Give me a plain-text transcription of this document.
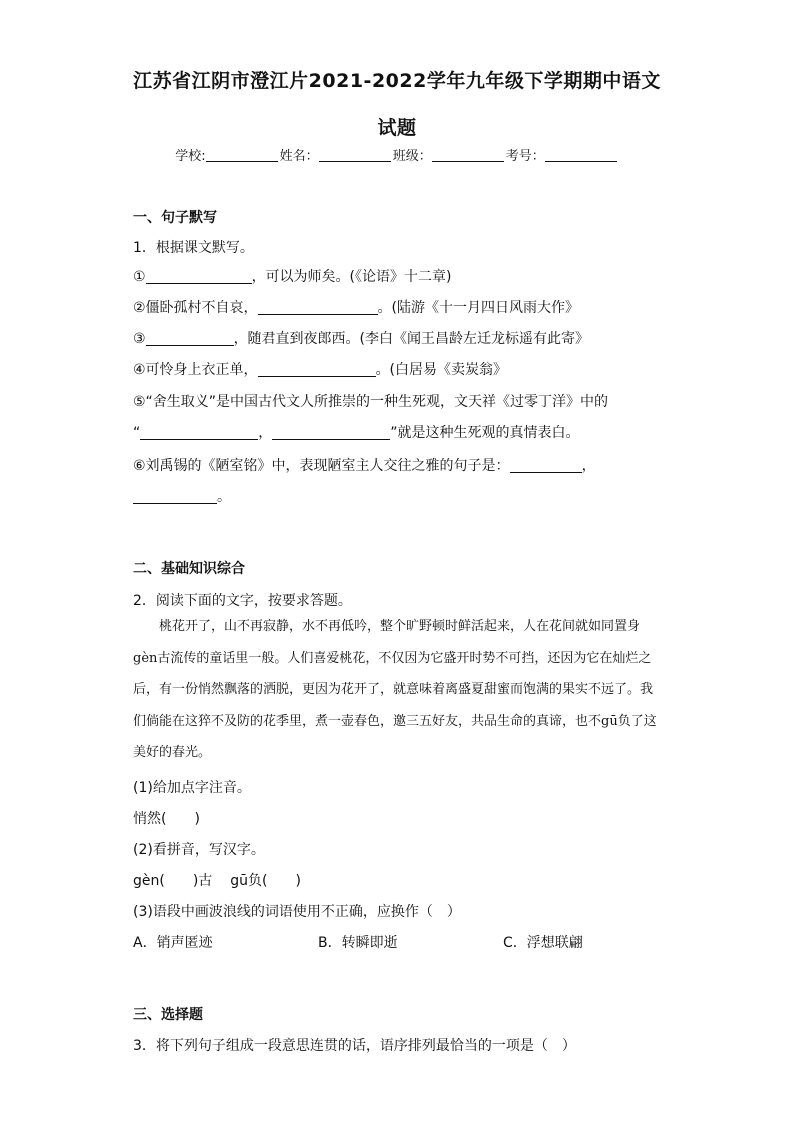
江苏省江阴市澄江片2021-2022学年九年级下学期期中语文
试题
学校:	姓名：	班级：	考号：
一、句子默写
1．根据课文默写。
①	，可以为师矣。(《论语》十二章)
②僵卧孤村不自哀，	。(陆游《十一月四日风雨大作》
③	，随君直到夜郎西。(李白《闻王昌龄左迁龙标遥有此寄》
④可怜身上衣正单，	。(白居易《卖炭翁》
⑤“舍生取义”是中国古代文人所推崇的一种生死观，文天祥《过零丁洋》中的
“	，	”就是这种生死观的真情表白。
⑥刘禹锡的《陋室铭》中，表现陋室主人交往之雅的句子是：	，
。
二、基础知识综合
2．阅读下面的文字，按要求答题。

桃花开了，山不再寂静，水不再低吟，整个旷野顿时鲜活起来，人在花间就如同置身gèn古流传的童话里一般。人们喜爱桃花，不仅因为它盛开时势不可挡，还因为它在灿烂之后，有一份悄然飘落的洒脱，更因为花开了，就意味着离盛夏甜蜜而饱满的果实不远了。我们倘能在这猝不及防的花季里，煮一壶春色，邀三五好友，共品生命的真谛，也不gū负了这美好的春光。

(1)给加点字注音。
悄然(　　)
(2)看拼音，写汉字。
gèn(　　)古 gū负(　　)
(3)语段中画波浪线的词语使用不正确，应换作（　）
A．销声匿迹	B．转瞬即逝	C．浮想联翩
三、选择题
3．将下列句子组成一段意思连贯的话，语序排列最恰当的一项是（　）
